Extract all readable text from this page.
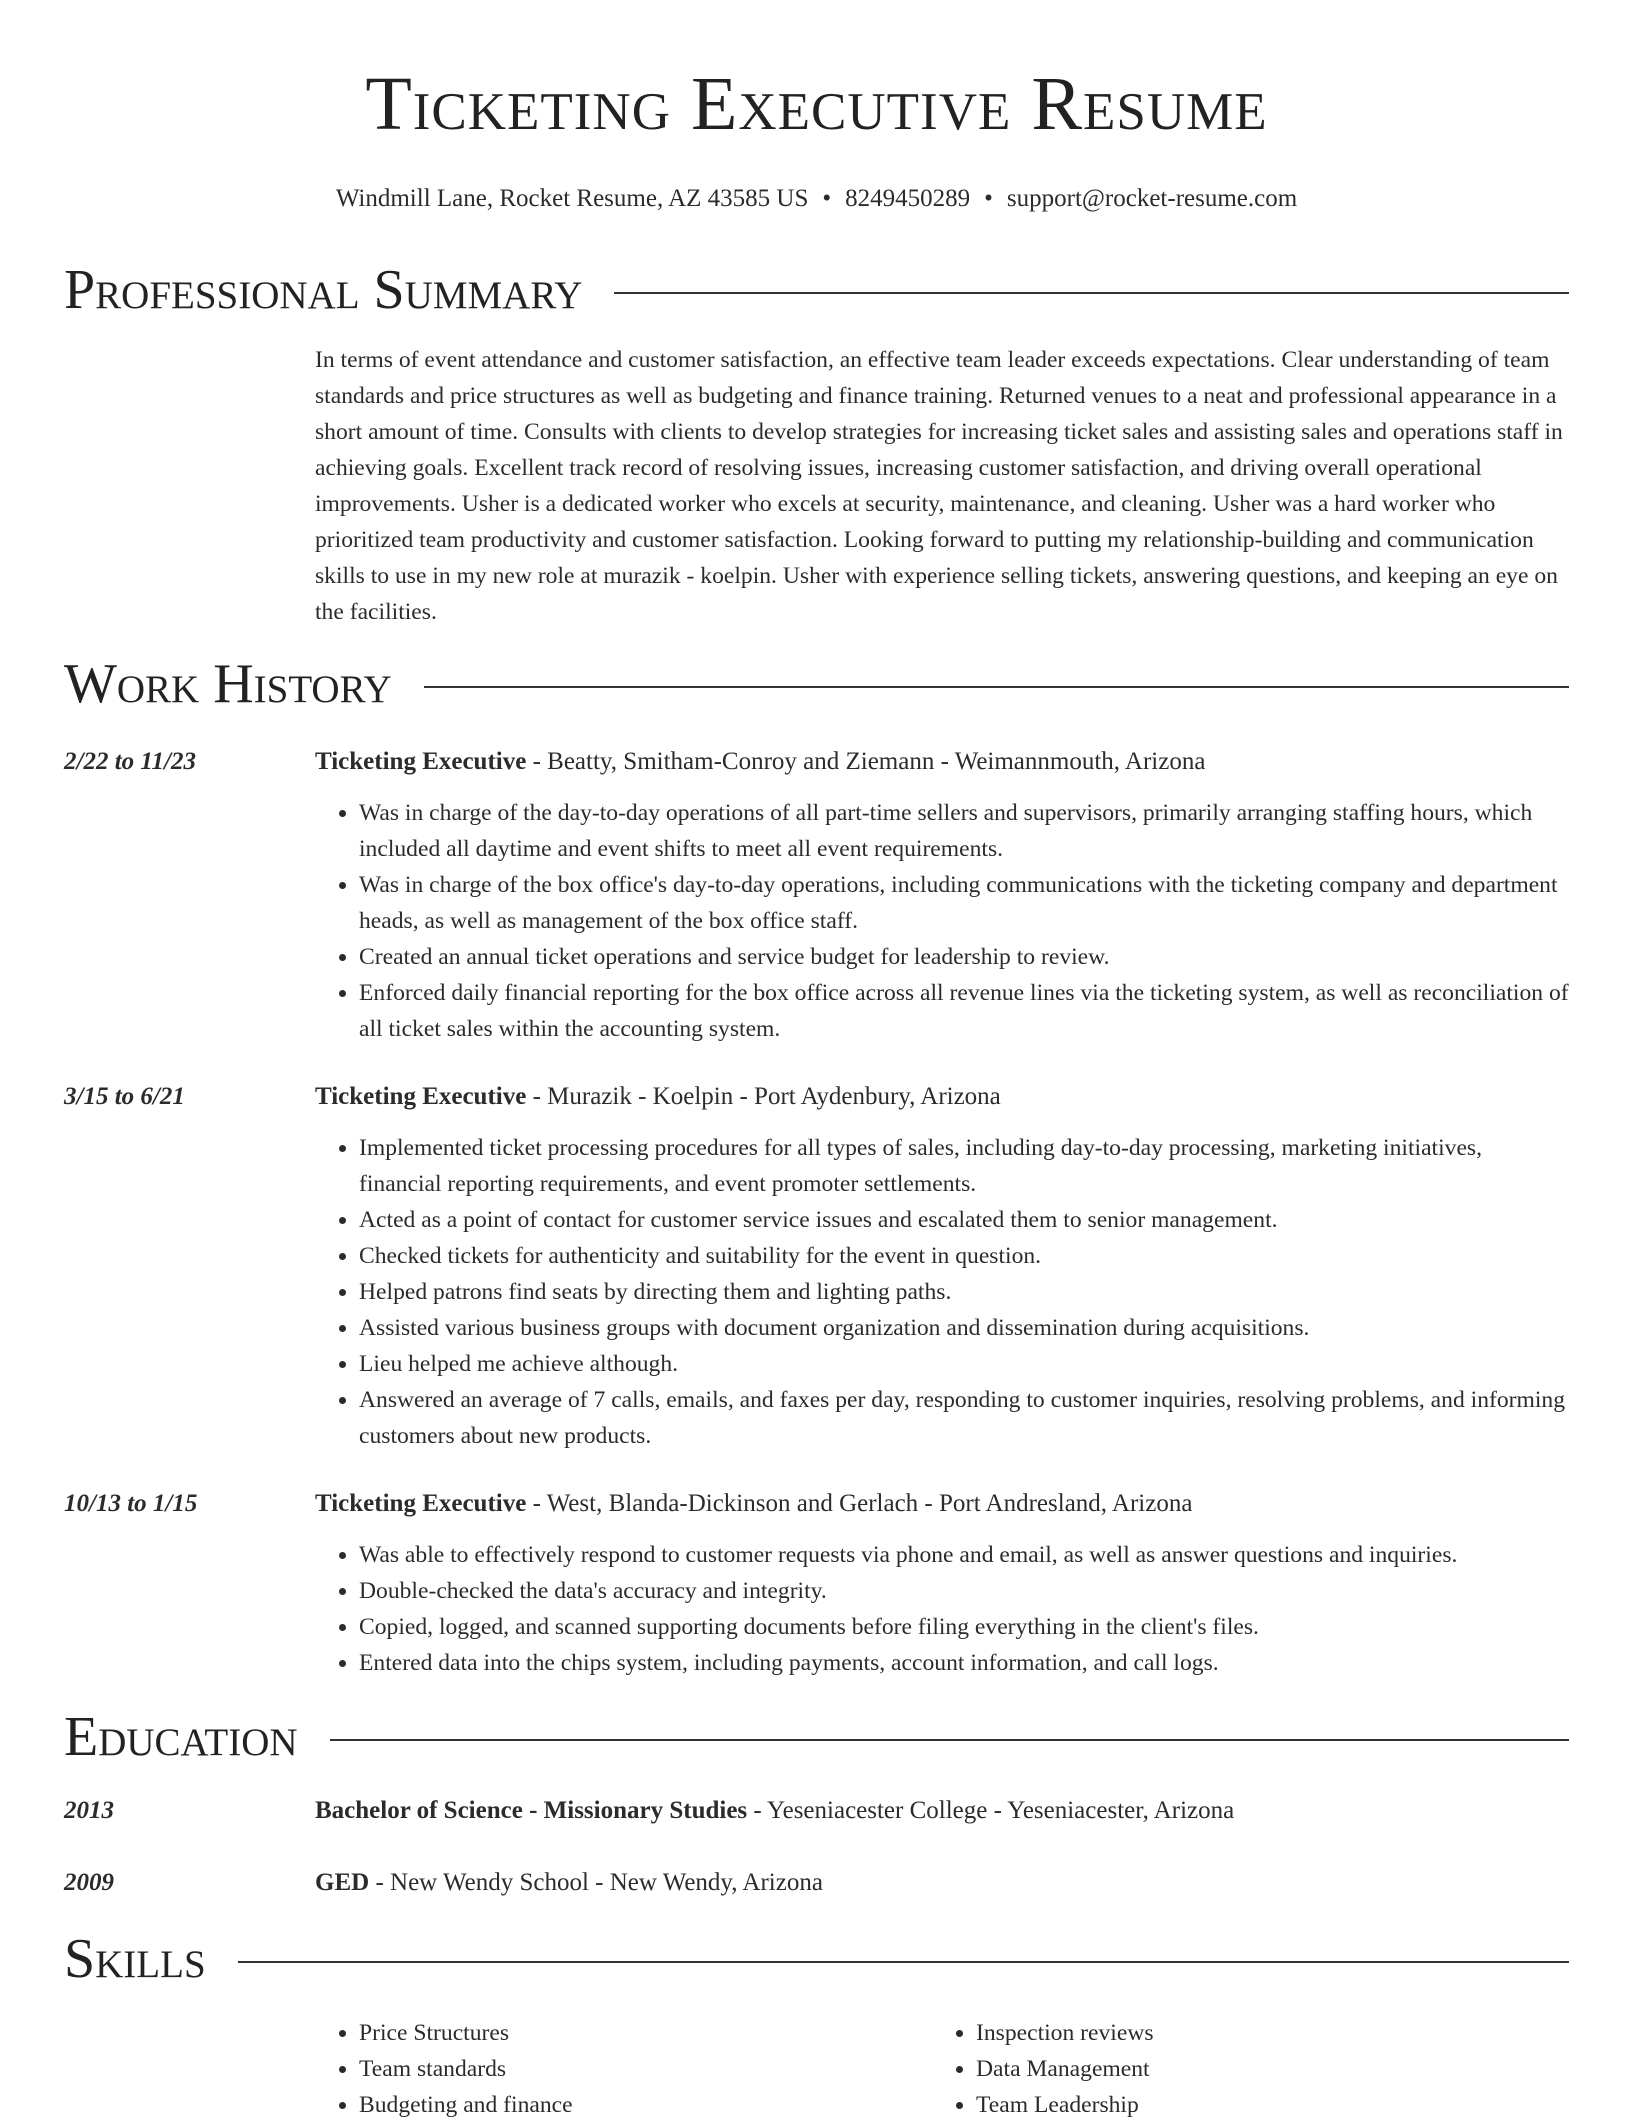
Ticketing Executive Resume
Windmill Lane, Rocket Resume, AZ 43585 US • 8249450289 • support@rocket-resume.com
Professional Summary

In terms of event attendance and customer satisfaction, an effective team leader exceeds expectations. Clear understanding of team standards and price structures as well as budgeting and finance training. Returned venues to a neat and professional appearance in a short amount of time. Consults with clients to develop strategies for increasing ticket sales and assisting sales and operations staff in achieving goals. Excellent track record of resolving issues, increasing customer satisfaction, and driving overall operational improvements. Usher is a dedicated worker who excels at security, maintenance, and cleaning. Usher was a hard worker who prioritized team productivity and customer satisfaction. Looking forward to putting my relationship-building and communication skills to use in my new role at murazik - koelpin. Usher with experience selling tickets, answering questions, and keeping an eye on the facilities.

Work History
2/22 to 11/23	Ticketing Executive - Beatty, Smitham-Conroy and Ziemann - Weimannmouth, Arizona
• Was in charge of the day-to-day operations of all part-time sellers and supervisors, primarily arranging staffing hours, which included all daytime and event shifts to meet all event requirements.
• Was in charge of the box office's day-to-day operations, including communications with the ticketing company and department heads, as well as management of the box office staff.
• Created an annual ticket operations and service budget for leadership to review.
• Enforced daily financial reporting for the box office across all revenue lines via the ticketing system, as well as reconciliation of all ticket sales within the accounting system.
3/15 to 6/21	Ticketing Executive - Murazik - Koelpin - Port Aydenbury, Arizona
• Implemented ticket processing procedures for all types of sales, including day-to-day processing, marketing initiatives, financial reporting requirements, and event promoter settlements.
• Acted as a point of contact for customer service issues and escalated them to senior management.
• Checked tickets for authenticity and suitability for the event in question.
• Helped patrons find seats by directing them and lighting paths.
• Assisted various business groups with document organization and dissemination during acquisitions.
• Lieu helped me achieve although.
• Answered an average of 7 calls, emails, and faxes per day, responding to customer inquiries, resolving problems, and informing customers about new products.
10/13 to 1/15	Ticketing Executive - West, Blanda-Dickinson and Gerlach - Port Andresland, Arizona
• Was able to effectively respond to customer requests via phone and email, as well as answer questions and inquiries.
• Double-checked the data's accuracy and integrity.
• Copied, logged, and scanned supporting documents before filing everything in the client's files.
• Entered data into the chips system, including payments, account information, and call logs.
Education
2013	Bachelor of Science - Missionary Studies - Yeseniacester College - Yeseniacester, Arizona
2009	GED - New Wendy School - New Wendy, Arizona
Skills
• Price Structures
• Team standards
• Budgeting and finance
• Inspection reviews
• Data Management
• Team Leadership
